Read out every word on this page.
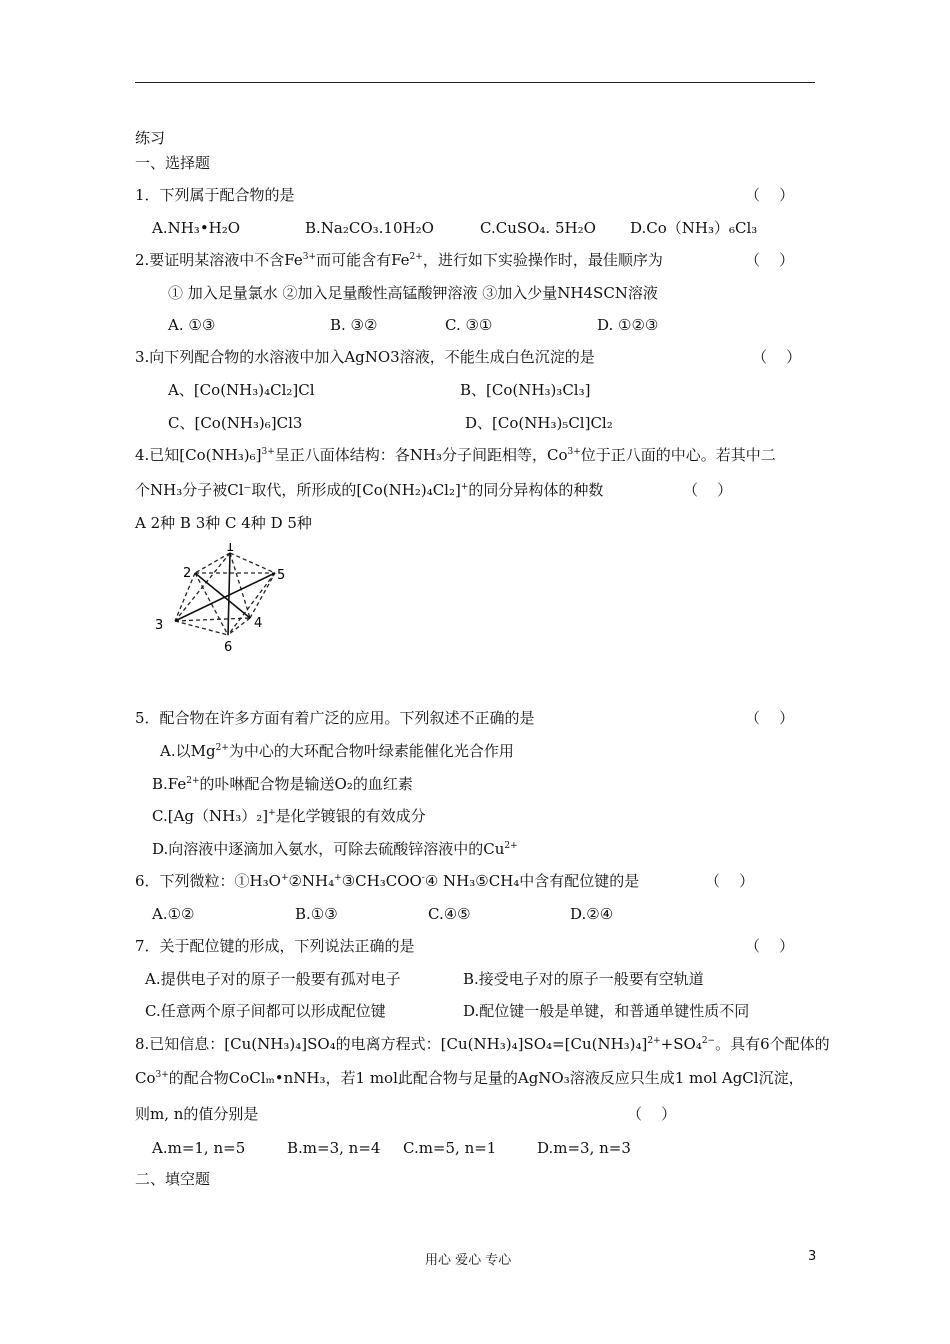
练习
一、选择题
1．下列属于配合物的是	（    ）
A.NH₃•H₂O	B.Na₂CO₃.10H₂O	C.CuSO₄. 5H₂O D.Co（NH₃）₆Cl₃
2.要证明某溶液中不含$Fe^{3+}$而可能含有$Fe^{2+}$，进行如下实验操作时，最佳顺序为	（    ）
① 加入足量氯水 ②加入足量酸性高锰酸钾溶液 ③加入少量NH4SCN溶液
A. ①③	B. ③②	C. ③①	D. ①②③
3.向下列配合物的水溶液中加入AgNO3溶液，不能生成白色沉淀的是	（    ）
A、[Co(NH₃)₄Cl₂]Cl	B、[Co(NH₃)₃Cl₃]
C、[Co(NH₃)₆]Cl3	D、[Co(NH₃)₅Cl]Cl₂
4.已知$[Co(NH_3)_6]^{3+}$呈正八面体结构：各NH₃分子间距相等，$Co^{3+}$位于正八面的中心。若其中二
个NH₃分子被Cl⁻取代，所形成的[Co(NH₂)₄Cl₂]+的同分异构体的种数	（    ）
A 2种 B 3种 C 4种 D 5种
1
2
3	4
5
6
5．配合物在许多方面有着广泛的应用。下列叙述不正确的是	（    ）
A.以$Mg^{2+}$为中心的大环配合物叶绿素能催化光合作用
$B.Fe^{2+}$的卟啉配合物是输送O₂的血红素
C.[Ag（NH₃）₂]+是化学镀银的有效成分
D.向溶液中逐滴加入氨水，可除去硫酸锌溶液中的$Cu^{2+}$
6．下列微粒：①H₃O+②NH₄+③CH₃COO-④ NH₃⑤CH₄中含有配位键的是	（    ）
A.①②	B.①③	C.④⑤	D.②④
7．关于配位键的形成，下列说法正确的是	（    ）
A.提供电子对的原子一般要有孤对电子	B.接受电子对的原子一般要有空轨道
C.任意两个原子间都可以形成配位键	D.配位键一般是单键，和普通单键性质不同
8.已知信息：[Cu(NH₃)₄]SO₄的电离方程式：$[Cu(NH_3)_4]SO_4=[Cu(NH_3)_4]^{2+}+SO_4^{2-}$。具有6个配体的
$Co^{3+}$的配合物CoClₘ•nNH₃，若1 mol此配合物与足量的AgNO₃溶液反应只生成1 mol AgCl沉淀，
则m, n的值分别是	（    ）
A.m=1, n=5	B.m=3, n=4 C.m=5, n=1	D.m=3, n=3
二、填空题
用心 爱心 专心	3
